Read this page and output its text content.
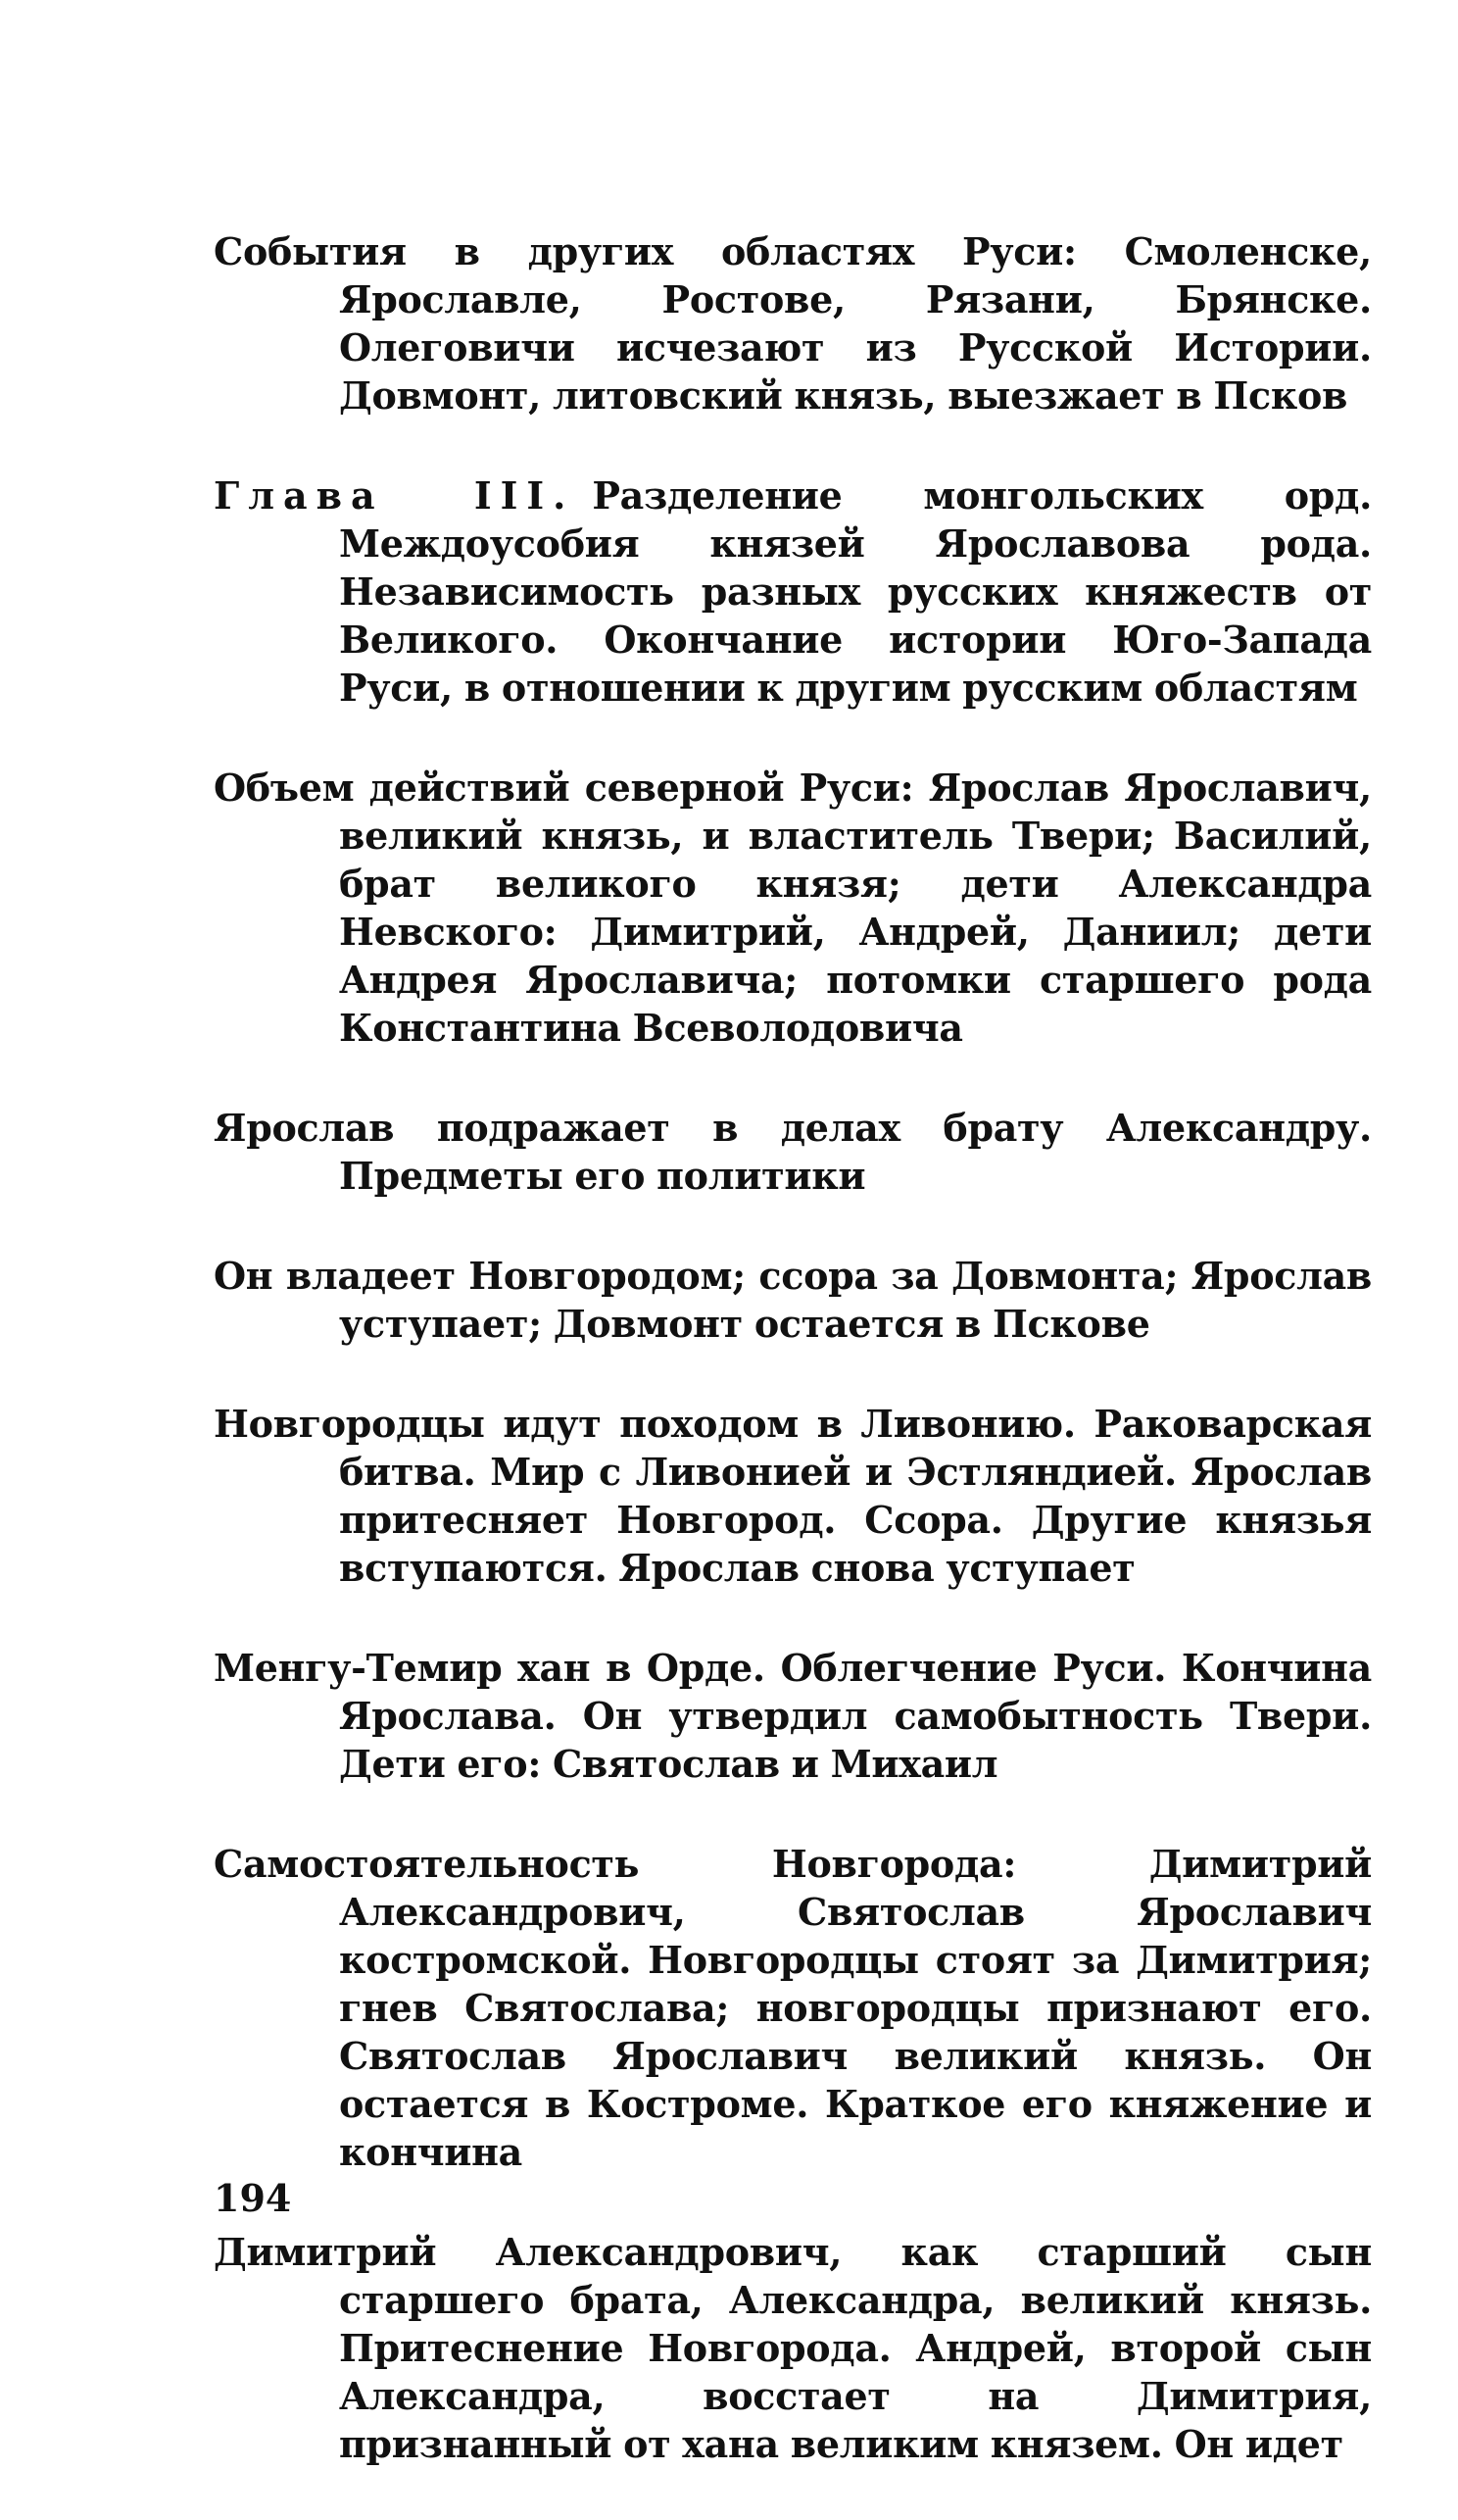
События в других областях Руси: Смоленске, Ярославле, Ростове, Рязани, Брянске. Олеговичи исчезают из Русской Истории. Довмонт, литовский князь, выезжает в Псков

Глава III. Разделение монгольских орд. Междоусобия князей Ярославова рода. Независимость разных русских княжеств от Великого. Окончание истории Юго-Запада Руси, в отношении к другим русским областям

Объем действий северной Руси: Ярослав Ярославич, великий князь, и властитель Твери; Василий, брат великого князя; дети Александра Невского: Димитрий, Андрей, Даниил; дети Андрея Ярославича; потомки старшего рода Константина Всеволодовича

Ярослав подражает в делах брату Александру. Предметы его политики

Он владеет Новгородом; ссора за Довмонта; Ярослав уступает; Довмонт остается в Пскове

Новгородцы идут походом в Ливонию. Раковарская битва. Мир с Ливонией и Эстляндией. Ярослав притесняет Новгород. Ссора. Другие князья вступаются. Ярослав снова уступает

Менгу-Темир хан в Орде. Облегчение Руси. Кончина Ярослава. Он утвердил самобытность Твери. Дети его: Святослав и Михаил

Самостоятельность Новгорода: Димитрий Александрович, Святослав Ярославич костромской. Новгородцы стоят за Димитрия; гнев Святослава; новгородцы признают его. Святослав Ярославич великий князь. Он остается в Костроме. Краткое его княжение и кончина

Димитрий Александрович, как старший сын старшего брата, Александра, великий князь. Притеснение Новгорода. Андрей, второй сын Александра, восстает на Димитрия, признанный от хана великим князем. Он идет

194
